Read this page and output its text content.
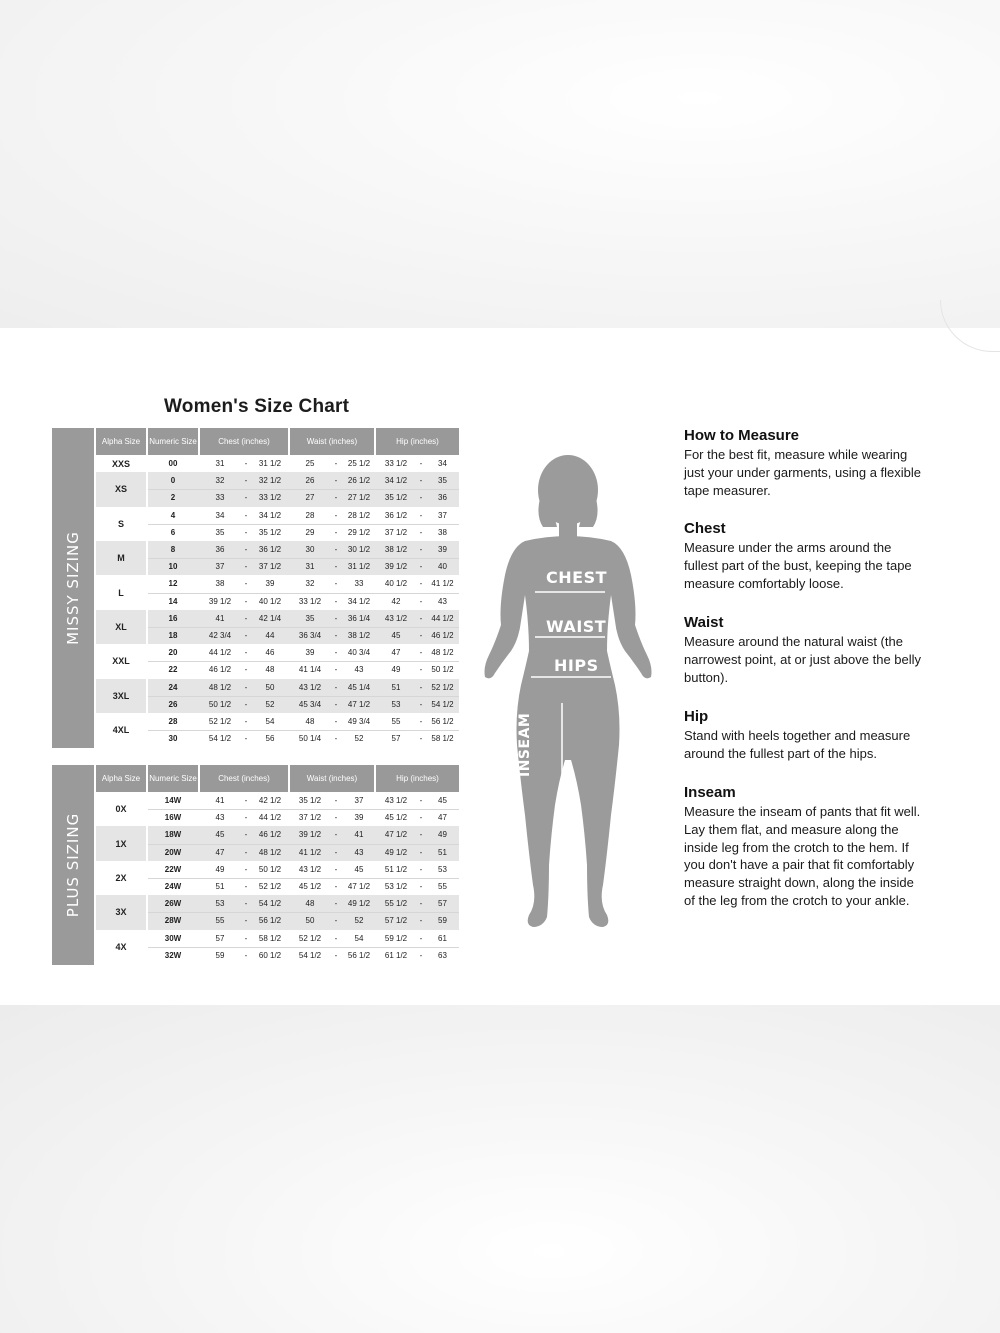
Women's Size Chart
MISSY SIZING
Alpha Size	Numeric Size	Chest (inches)	Waist (inches)	Hip (inches)
XXS	00	31	-	31 1/2	25	-	25 1/2	33 1/2	-	34
XS
0	32	-	32 1/2	26	-	26 1/2	34 1/2	-	35
2	33	-	33 1/2	27	-	27 1/2	35 1/2	-	36
S
4	34	-	34 1/2	28	-	28 1/2	36 1/2	-	37
6	35	-	35 1/2	29	-	29 1/2	37 1/2	-	38
M
8	36	-	36 1/2	30	-	30 1/2	38 1/2	-	39
10	37	-	37 1/2	31	-	31 1/2	39 1/2	-	40
L
12	38	-	39	32	-	33	40 1/2	-	41 1/2
14	39 1/2	-	40 1/2	33 1/2	-	34 1/2	42	-	43
XL
16	41	-	42 1/4	35	-	36 1/4	43 1/2	-	44 1/2
18	42 3/4	-	44	36 3/4	-	38 1/2	45	-	46 1/2
XXL
20	44 1/2	-	46	39	-	40 3/4	47	-	48 1/2
22	46 1/2	-	48	41 1/4	-	43	49	-	50 1/2
3XL
24	48 1/2	-	50	43 1/2	-	45 1/4	51	-	52 1/2
26	50 1/2	-	52	45 3/4	-	47 1/2	53	-	54 1/2
4XL
28	52 1/2	-	54	48	-	49 3/4	55	-	56 1/2
30	54 1/2	-	56	50 1/4	-	52	57	-	58 1/2
PLUS SIZING
Alpha Size	Numeric Size	Chest (inches)	Waist (inches)	Hip (inches)
0X
14W	41	-	42 1/2	35 1/2	-	37	43 1/2	-	45
16W	43	-	44 1/2	37 1/2	-	39	45 1/2	-	47
1X
18W	45	-	46 1/2	39 1/2	-	41	47 1/2	-	49
20W	47	-	48 1/2	41 1/2	-	43	49 1/2	-	51
2X
22W	49	-	50 1/2	43 1/2	-	45	51 1/2	-	53
24W	51	-	52 1/2	45 1/2	-	47 1/2	53 1/2	-	55
3X
26W	53	-	54 1/2	48	-	49 1/2	55 1/2	-	57
28W	55	-	56 1/2	50	-	52	57 1/2	-	59
4X
30W	57	-	58 1/2	52 1/2	-	54	59 1/2	-	61
32W	59	-	60 1/2	54 1/2	-	56 1/2	61 1/2	-	63
CHEST
WAIST
HIPS
INSEAM
How to Measure

For the best fit, measure while wearing just your under garments, using a flexible tape measurer.

Chest

Measure under the arms around the fullest part of the bust, keeping the tape measure comfortably loose.

Waist

Measure around the natural waist (the narrowest point, at or just above the belly button).

Hip

Stand with heels together and measure around the fullest part of the hips.

Inseam

Measure the inseam of pants that fit well. Lay them flat, and measure along the inside leg from the crotch to the hem. If you don't have a pair that fit comfortably measure straight down, along the inside of the leg from the crotch to your ankle.
